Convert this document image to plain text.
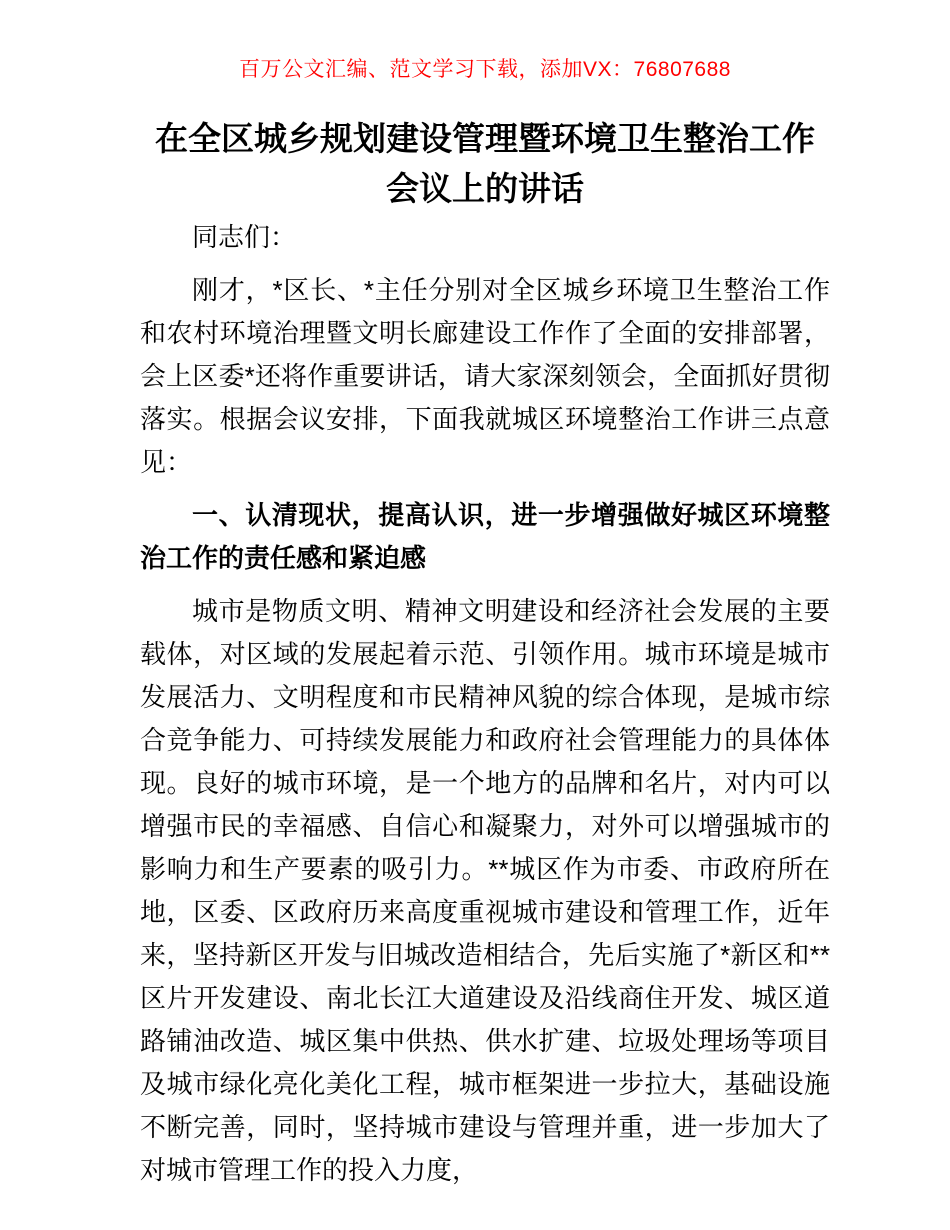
百万公文汇编、范文学习下载，添加VX：76807688
在全区城乡规划建设管理暨环境卫生整治工作
会议上的讲话

同志们：

刚才，*区长、*主任分别对全区城乡环境卫生整治工作和农村环境治理暨文明长廊建设工作作了全面的安排部署，会上区委*还将作重要讲话，请大家深刻领会，全面抓好贯彻落实。根据会议安排，下面我就城区环境整治工作讲三点意见：

一、认清现状，提高认识，进一步增强做好城区环境整治工作的责任感和紧迫感

城市是物质文明、精神文明建设和经济社会发展的主要载体，对区域的发展起着示范、引领作用。城市环境是城市发展活力、文明程度和市民精神风貌的综合体现，是城市综合竞争能力、可持续发展能力和政府社会管理能力的具体体现。良好的城市环境，是一个地方的品牌和名片，对内可以增强市民的幸福感、自信心和凝聚力，对外可以增强城市的影响力和生产要素的吸引力。**城区作为市委、市政府所在地，区委、区政府历来高度重视城市建设和管理工作，近年来，坚持新区开发与旧城改造相结合，先后实施了*新区和**区片开发建设、南北长江大道建设及沿线商住开发、城区道路铺油改造、城区集中供热、供水扩建、垃圾处理场等项目及城市绿化亮化美化工程，城市框架进一步拉大，基础设施不断完善，同时，坚持城市建设与管理并重，进一步加大了对城市管理工作的投入力度，
